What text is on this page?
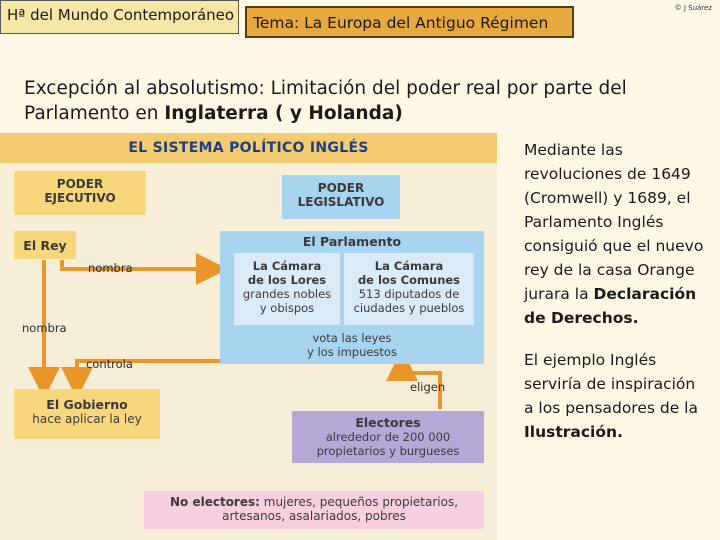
Hª del Mundo Contemporáneo	Tema: La Europa del Antiguo Régimen
© J Suárez
Excepción al absolutismo: Limitación del poder real por parte del Parlamento en Inglaterra ( y Holanda)
EL SISTEMA POLÍTICO INGLÉS
PODER
EJECUTIVO
PODER
LEGISLATIVO
El Rey
nombra
nombra
controla
El Parlamento
La Cámara
de los Lores
grandes nobles
y obispos
La Cámara
de los Comunes
513 diputados de
ciudades y pueblos
vota las leyes
y los impuestos
eligen
El Gobierno
hace aplicar la ley	Electores
alrededor de 200 000
propietarios y burgueses
No electores: mujeres, pequeños propietarios,
artesanos, asalariados, pobres

Mediante las revoluciones de 1649 (Cromwell) y 1689, el Parlamento Inglés consiguió que el nuevo rey de la casa Orange jurara la Declaración de Derechos.

El ejemplo Inglés serviría de inspiración a los pensadores de la Ilustración.
